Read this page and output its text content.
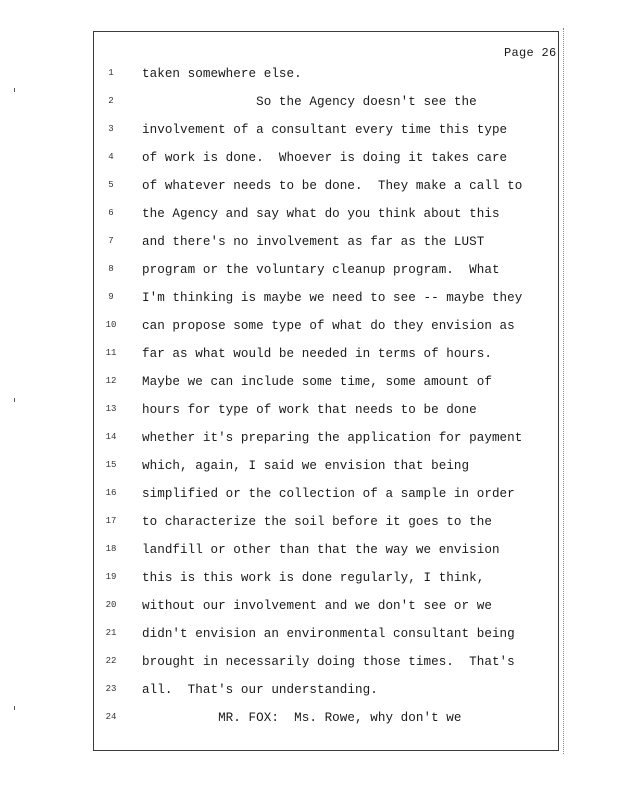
Page 26
1	taken somewhere else.
2	So the Agency doesn't see the
3	involvement of a consultant every time this type
4	of work is done.  Whoever is doing it takes care
5	of whatever needs to be done.  They make a call to
6	the Agency and say what do you think about this
7	and there's no involvement as far as the LUST
8	program or the voluntary cleanup program.  What
9	I'm thinking is maybe we need to see -- maybe they
10	can propose some type of what do they envision as
11	far as what would be needed in terms of hours.
12	Maybe we can include some time, some amount of
13	hours for type of work that needs to be done
14	whether it's preparing the application for payment
15	which, again, I said we envision that being
16	simplified or the collection of a sample in order
17	to characterize the soil before it goes to the
18	landfill or other than that the way we envision
19	this is this work is done regularly, I think,
20	without our involvement and we don't see or we
21	didn't envision an environmental consultant being
22	brought in necessarily doing those times.  That's
23	all.  That's our understanding.
24	MR. FOX:  Ms. Rowe, why don't we
